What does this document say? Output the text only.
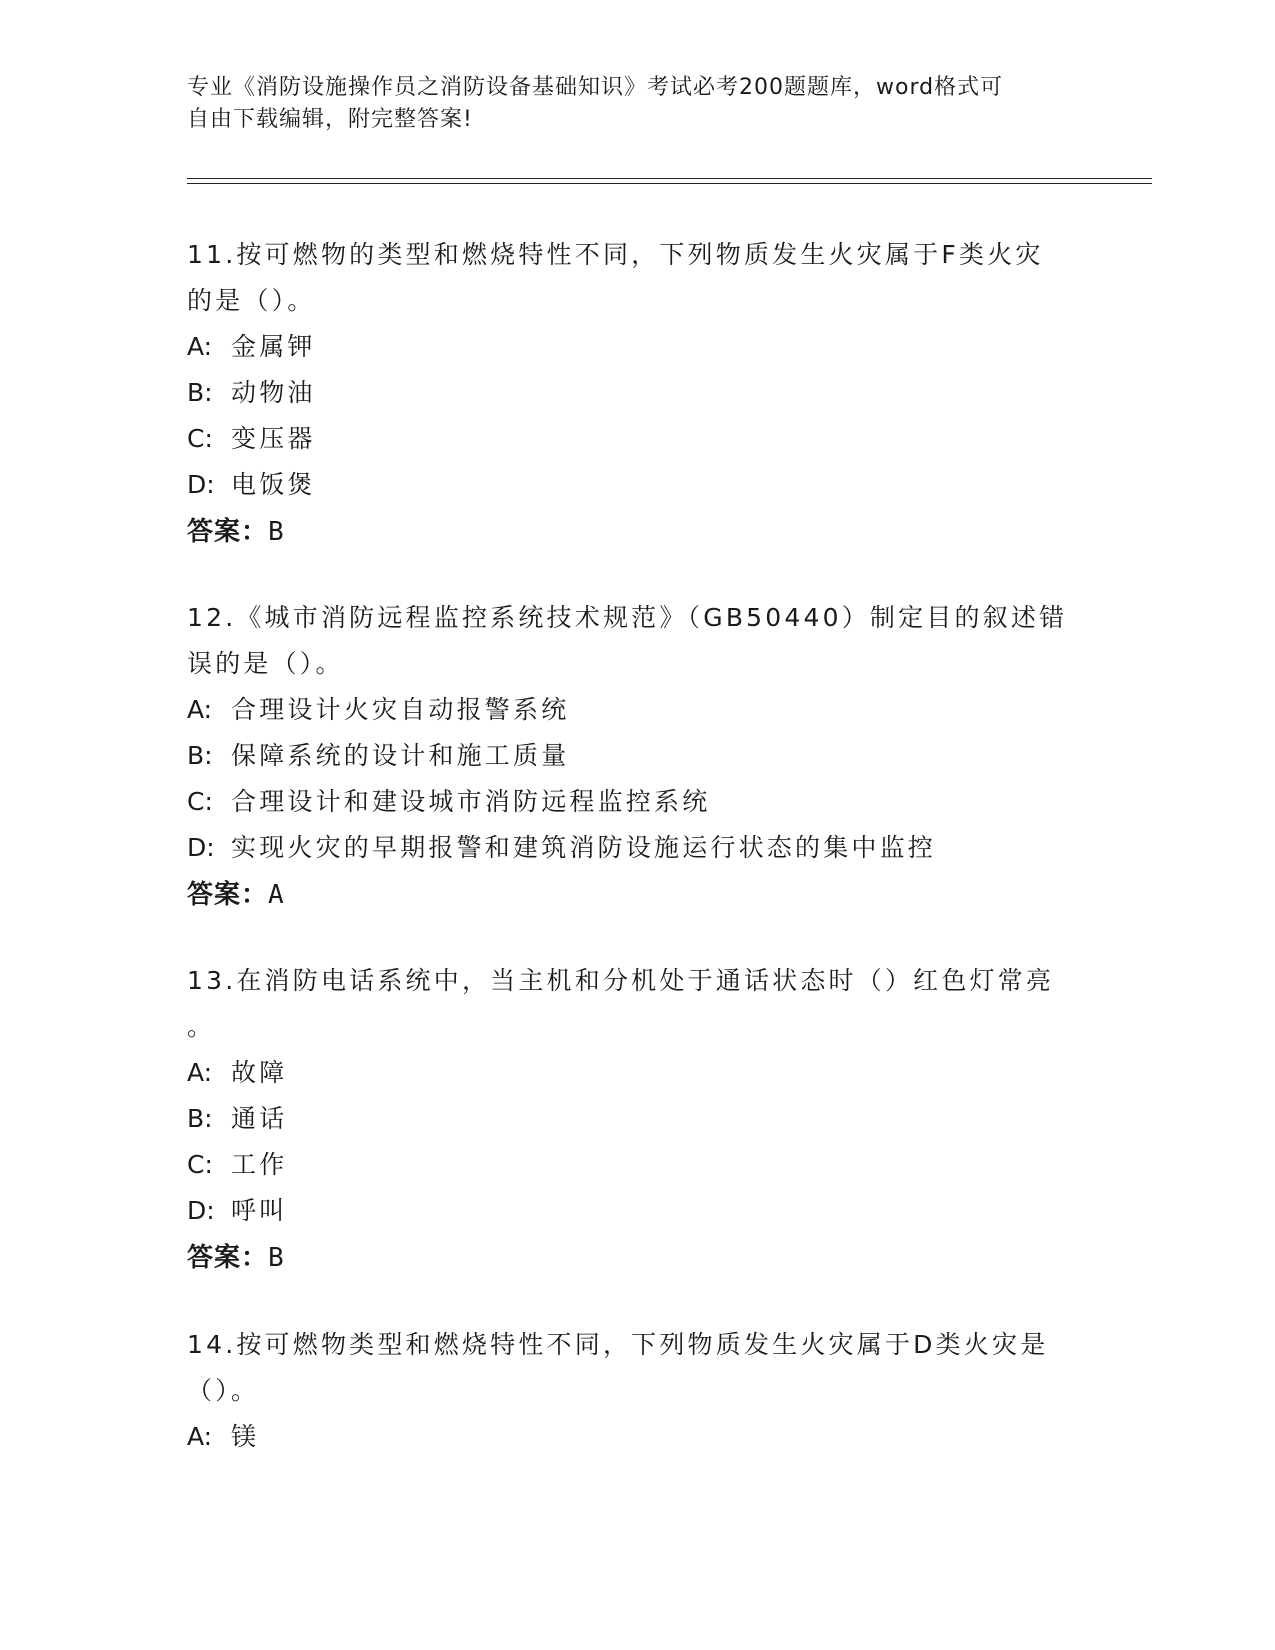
专业《消防设施操作员之消防设备基础知识》考试必考200题题库，word格式可
自由下载编辑，附完整答案!
11.按可燃物的类型和燃烧特性不同，下列物质发生火灾属于F类火灾
的是（）。
A: 金属钾
B: 动物油
C: 变压器
D: 电饭煲
答案：B
12.《城市消防远程监控系统技术规范》（GB50440）制定目的叙述错
误的是（）。
A: 合理设计火灾自动报警系统
B: 保障系统的设计和施工质量
C: 合理设计和建设城市消防远程监控系统
D: 实现火灾的早期报警和建筑消防设施运行状态的集中监控
答案：A
13.在消防电话系统中，当主机和分机处于通话状态时（）红色灯常亮
。
A: 故障
B: 通话
C: 工作
D: 呼叫
答案：B
14.按可燃物类型和燃烧特性不同，下列物质发生火灾属于D类火灾是
（）。
A: 镁
